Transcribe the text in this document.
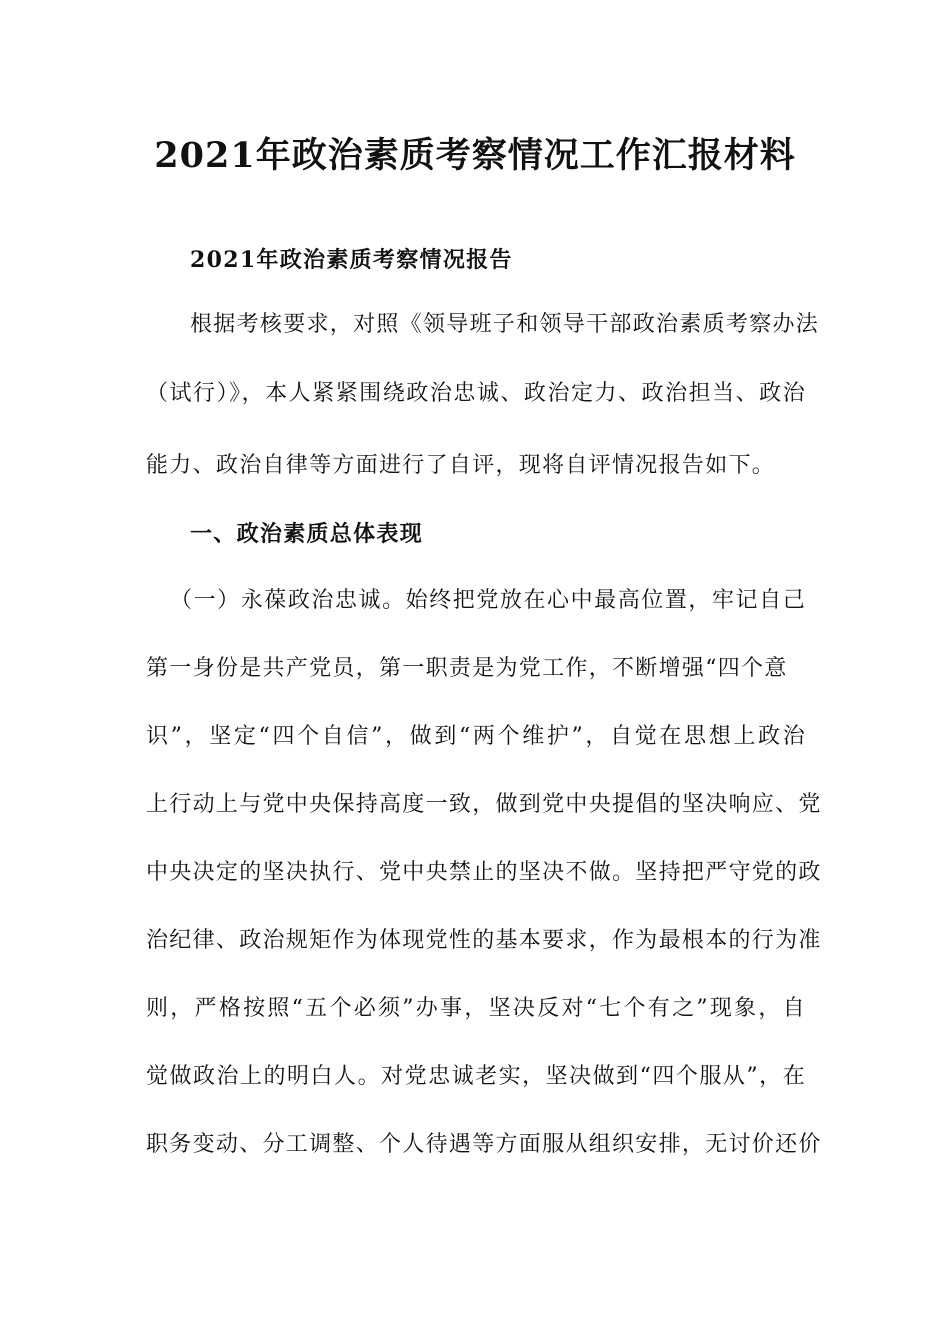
2021年政治素质考察情况工作汇报材料
2021年政治素质考察情况报告
根据考核要求，对照《领导班子和领导干部政治素质考察办法
（试行）》，本人紧紧围绕政治忠诚、政治定力、政治担当、政治
能力、政治自律等方面进行了自评，现将自评情况报告如下。
一、政治素质总体表现
（一）永葆政治忠诚。始终把党放在心中最高位置，牢记自己
第一身份是共产党员，第一职责是为党工作，不断增强“四个意
识”，坚定“四个自信”，做到“两个维护”，自觉在思想上政治
上行动上与党中央保持高度一致，做到党中央提倡的坚决响应、党
中央决定的坚决执行、党中央禁止的坚决不做。坚持把严守党的政
治纪律、政治规矩作为体现党性的基本要求，作为最根本的行为准
则，严格按照“五个必须”办事，坚决反对“七个有之”现象，自
觉做政治上的明白人。对党忠诚老实，坚决做到“四个服从”，在
职务变动、分工调整、个人待遇等方面服从组织安排，无讨价还价
